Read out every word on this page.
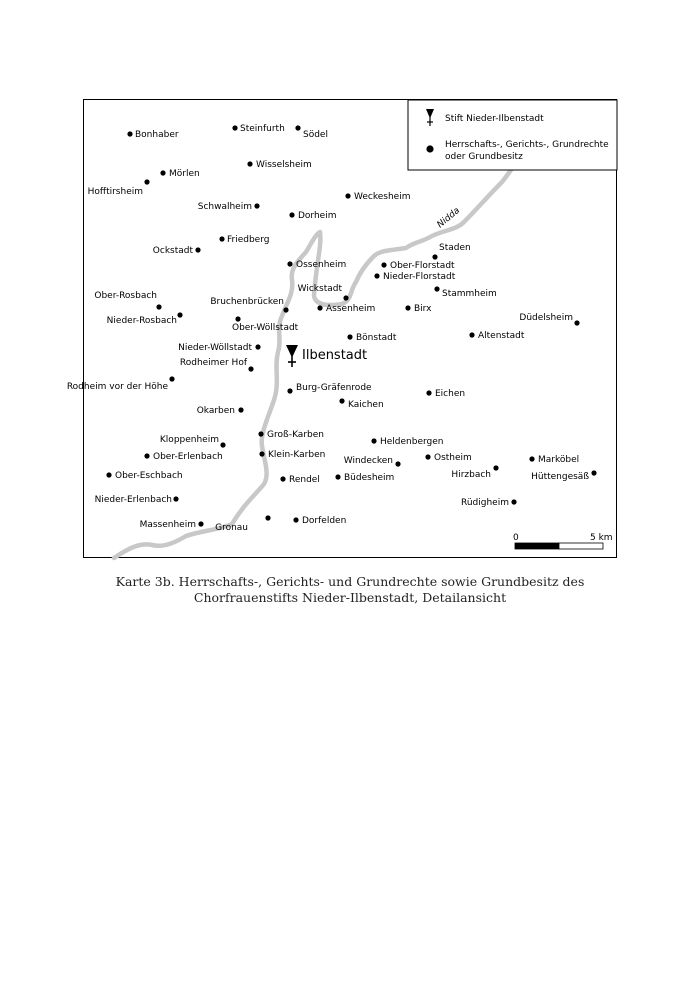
Nidda
Stift Nieder-Ilbenstadt
Herrschafts-, Gerichts-, Grundrechte
oder Grundbesitz
Bonhaber
Steinfurth
Södel
Mörlen
Hofftirsheim
Wisselsheim
Weckesheim
Schwalheim
Dorheim
Friedberg
Ockstadt
Ossenheim
Staden
Ober-Florstadt
Nieder-Florstadt
Wickstadt	Stammheim
Ober-Rosbach
Bruchenbrücken
Assenheim	Birx
Nieder-Rosbach
Ober-Wöllstadt
Düdelsheim
Bönstadt	Altenstadt
Nieder-Wöllstadt
Rodheimer Hof
Rodheim vor der Höhe	Burg-Gräfenrode
Eichen
Kaichen
Okarben
Groß-Karben
Kloppenheim	Heldenbergen
Ober-Erlenbach	Klein-Karben
Windecken	Ostheim	Marköbel
Ober-Eschbach	Hirzbach	Hüttengesäß
Rendel	Büdesheim
Nieder-Erlenbach	Rüdigheim
Massenheim	Dorfelden
Gronau
Ilbenstadt
0	5 km
Karte 3b. Herrschafts-, Gerichts- und Grundrechte sowie Grundbesitz des
Chorfrauenstifts Nieder-Ilbenstadt, Detailansicht
